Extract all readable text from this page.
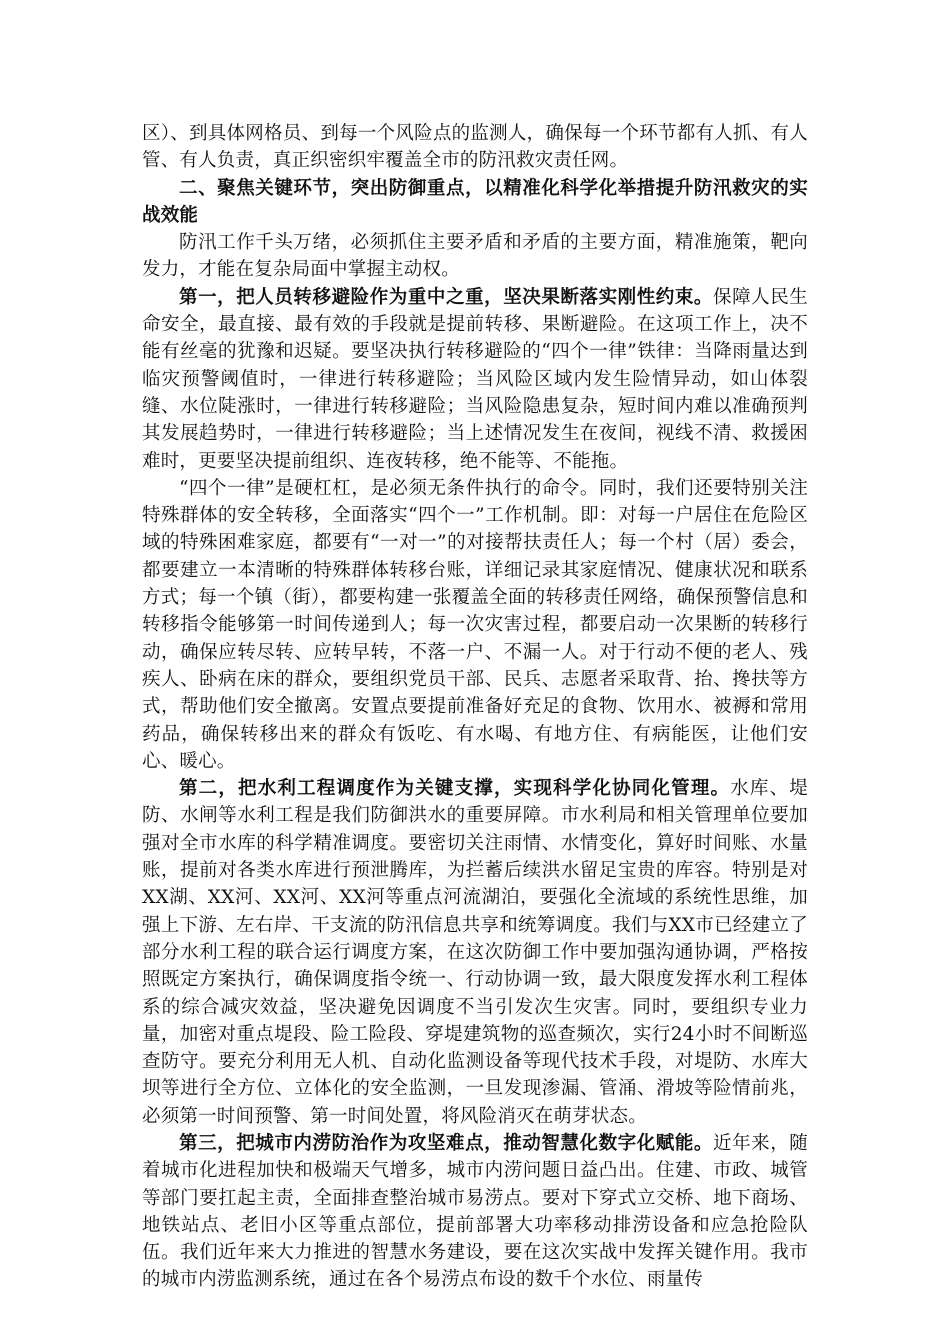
区）、到具体网格员、到每一个风险点的监测人，确保每一个环节都有人抓、有人管、有人负责，真正织密织牢覆盖全市的防汛救灾责任网。

二、聚焦关键环节，突出防御重点，以精准化科学化举措提升防汛救灾的实战效能

防汛工作千头万绪，必须抓住主要矛盾和矛盾的主要方面，精准施策，靶向发力，才能在复杂局面中掌握主动权。

第一，把人员转移避险作为重中之重，坚决果断落实刚性约束。保障人民生命安全，最直接、最有效的手段就是提前转移、果断避险。在这项工作上，决不能有丝毫的犹豫和迟疑。要坚决执行转移避险的“四个一律”铁律：当降雨量达到临灾预警阈值时，一律进行转移避险；当风险区域内发生险情异动，如山体裂缝、水位陡涨时，一律进行转移避险；当风险隐患复杂，短时间内难以准确预判其发展趋势时，一律进行转移避险；当上述情况发生在夜间，视线不清、救援困难时，更要坚决提前组织、连夜转移，绝不能等、不能拖。

“四个一律”是硬杠杠，是必须无条件执行的命令。同时，我们还要特别关注特殊群体的安全转移，全面落实“四个一”工作机制。即：对每一户居住在危险区域的特殊困难家庭，都要有“一对一”的对接帮扶责任人；每一个村（居）委会，都要建立一本清晰的特殊群体转移台账，详细记录其家庭情况、健康状况和联系方式；每一个镇（街），都要构建一张覆盖全面的转移责任网络，确保预警信息和转移指令能够第一时间传递到人；每一次灾害过程，都要启动一次果断的转移行动，确保应转尽转、应转早转，不落一户、不漏一人。对于行动不便的老人、残疾人、卧病在床的群众，要组织党员干部、民兵、志愿者采取背、抬、搀扶等方式，帮助他们安全撤离。安置点要提前准备好充足的食物、饮用水、被褥和常用药品，确保转移出来的群众有饭吃、有水喝、有地方住、有病能医，让他们安心、暖心。

第二，把水利工程调度作为关键支撑，实现科学化协同化管理。水库、堤防、水闸等水利工程是我们防御洪水的重要屏障。市水利局和相关管理单位要加强对全市水库的科学精准调度。要密切关注雨情、水情变化，算好时间账、水量账，提前对各类水库进行预泄腾库，为拦蓄后续洪水留足宝贵的库容。特别是对XX湖、XX河、XX河、XX河等重点河流湖泊，要强化全流域的系统性思维，加强上下游、左右岸、干支流的防汛信息共享和统筹调度。我们与XX市已经建立了部分水利工程的联合运行调度方案，在这次防御工作中要加强沟通协调，严格按照既定方案执行，确保调度指令统一、行动协调一致，最大限度发挥水利工程体系的综合减灾效益，坚决避免因调度不当引发次生灾害。同时，要组织专业力量，加密对重点堤段、险工险段、穿堤建筑物的巡查频次，实行24小时不间断巡查防守。要充分利用无人机、自动化监测设备等现代技术手段，对堤防、水库大坝等进行全方位、立体化的安全监测，一旦发现渗漏、管涌、滑坡等险情前兆，必须第一时间预警、第一时间处置，将风险消灭在萌芽状态。

第三，把城市内涝防治作为攻坚难点，推动智慧化数字化赋能。近年来，随着城市化进程加快和极端天气增多，城市内涝问题日益凸出。住建、市政、城管等部门要扛起主责，全面排查整治城市易涝点。要对下穿式立交桥、地下商场、地铁站点、老旧小区等重点部位，提前部署大功率移动排涝设备和应急抢险队伍。我们近年来大力推进的智慧水务建设，要在这次实战中发挥关键作用。我市的城市内涝监测系统，通过在各个易涝点布设的数千个水位、雨量传
